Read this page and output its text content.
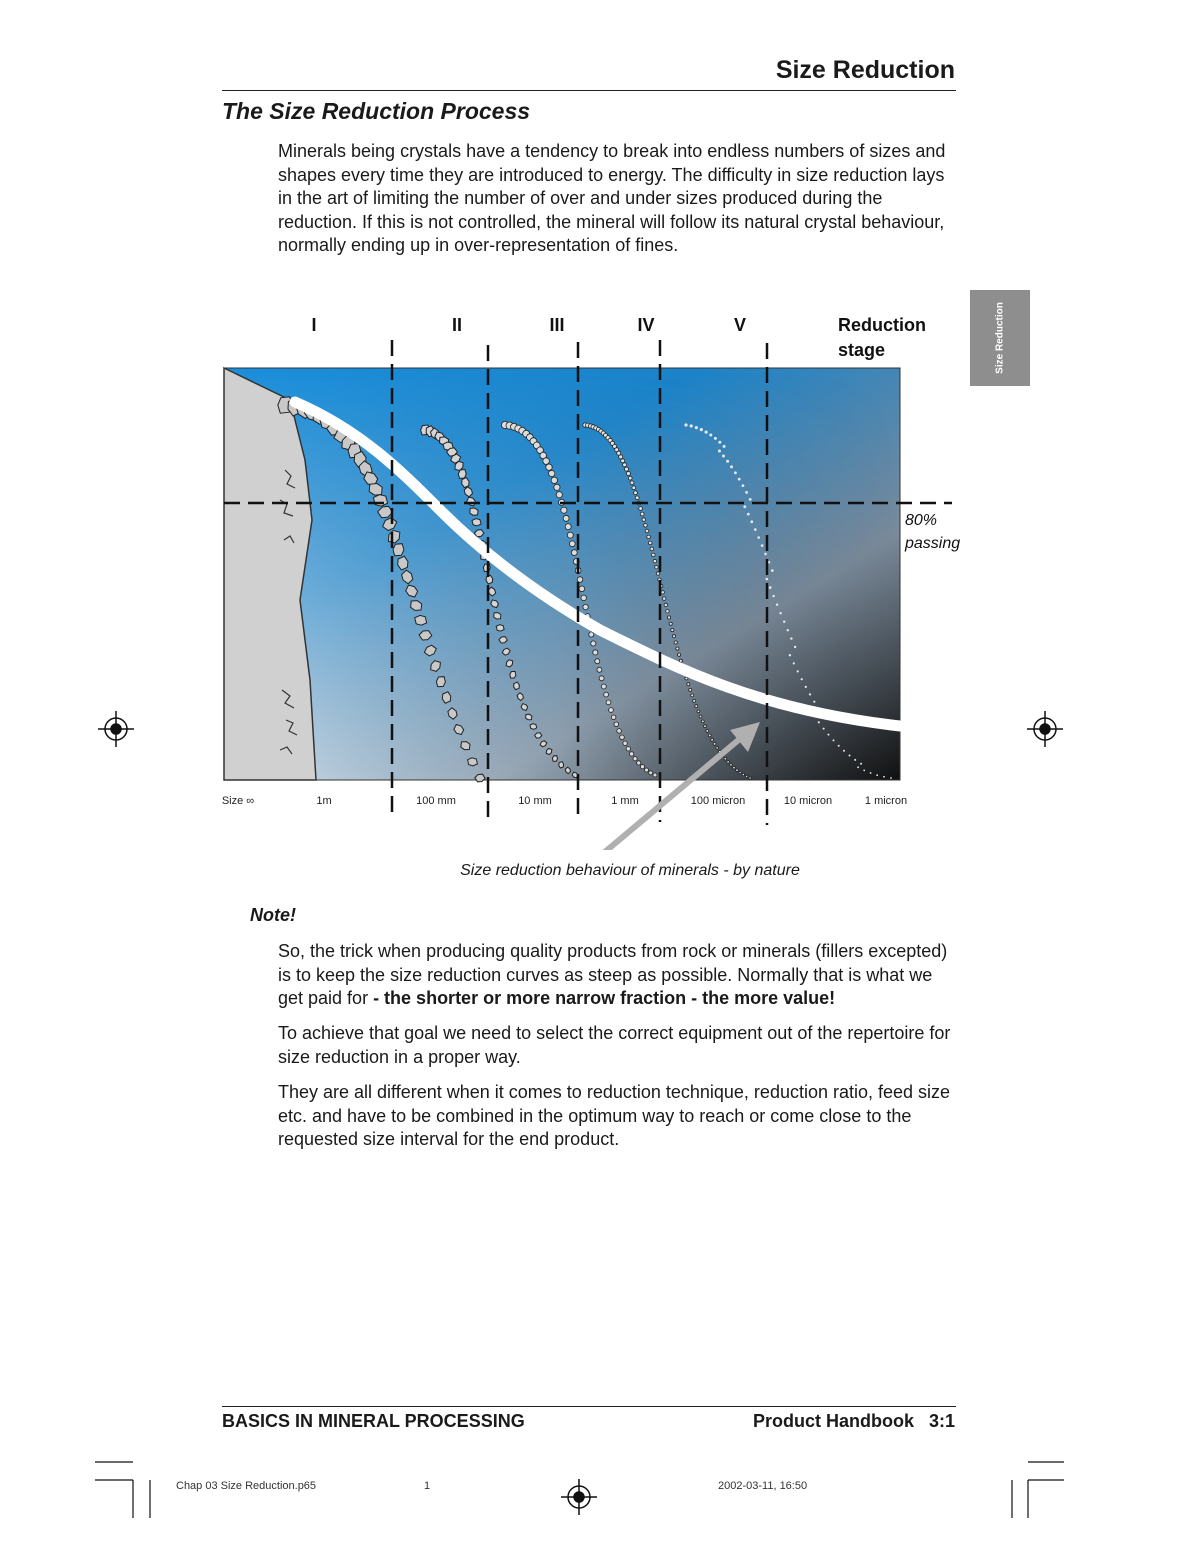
Size Reduction
The Size Reduction Process
Minerals being crystals have a tendency to break into endless numbers of sizes and shapes every time they are introduced to energy. The difficulty in size reduction lays in the art of limiting the number of over and under sizes produced during the reduction. If this is not controlled, the mineral will follow its natural crystal behaviour, normally ending up in over-representation of fines.
Size Reduction
I	II	III	IV	V	Reduction
stage
80%
passing
Size ∞	1m	100 mm	10 mm	1 mm	100 micron	10 micron	1 micron
Size reduction behaviour of minerals - by nature
Note!
So, the trick when producing quality products from rock or minerals (fillers excepted) is to keep the size reduction curves as steep as possible. Normally that is what we get paid for - the shorter or more narrow fraction - the more value!
To achieve that goal we need to select the correct equipment out of the repertoire for size reduction in a proper way.
They are all different when it comes to reduction technique, reduction ratio, feed size etc. and have to be combined in the optimum way to reach or come close to the requested size interval for the end product.
BASICS IN MINERAL PROCESSING	Product Handbook   3:1
Chap 03 Size Reduction.p65	1	2002-03-11, 16:50
